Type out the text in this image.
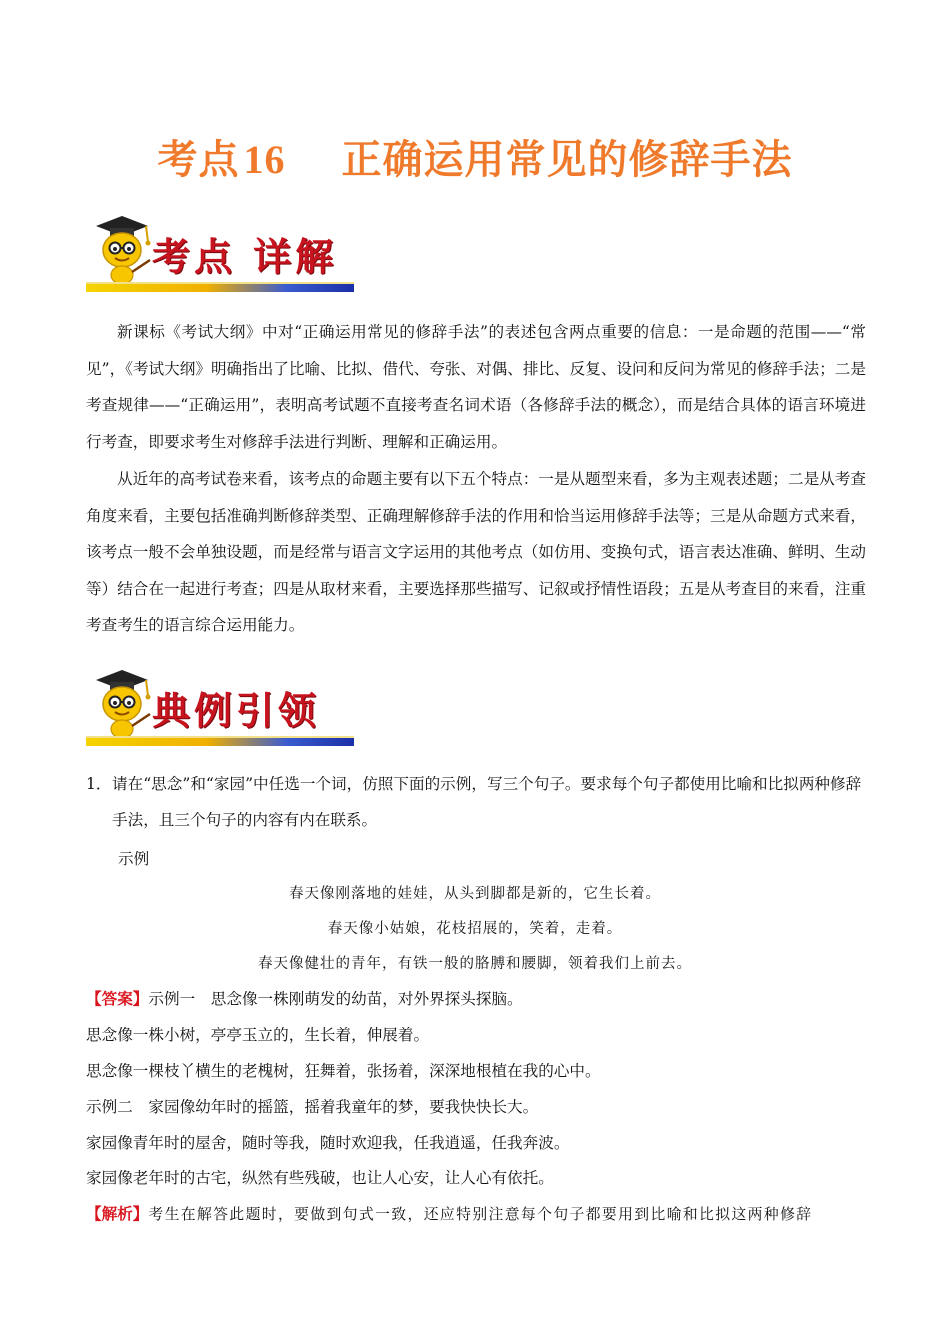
考点 16 正确运用常见的修辞手法
考点 详解
新课标《考试大纲》中对“正确运用常见的修辞手法”的表述包含两点重要的信息：一是命题的范围——“常见”，《考试大纲》明确指出了比喻、比拟、借代、夸张、对偶、排比、反复、设问和反问为常见的修辞手法；二是考查规律——“正确运用”，表明高考试题不直接考查名词术语（各修辞手法的概念），而是结合具体的语言环境进行考查，即要求考生对修辞手法进行判断、理解和正确运用。
从近年的高考试卷来看，该考点的命题主要有以下五个特点：一是从题型来看，多为主观表述题；二是从考查角度来看，主要包括准确判断修辞类型、正确理解修辞手法的作用和恰当运用修辞手法等；三是从命题方式来看，该考点一般不会单独设题，而是经常与语言文字运用的其他考点（如仿用、变换句式，语言表达准确、鲜明、生动等）结合在一起进行考查；四是从取材来看，主要选择那些描写、记叙或抒情性语段；五是从考查目的来看，注重考查考生的语言综合运用能力。
典例引领
1． 请在“思念”和“家园”中任选一个词，仿照下面的示例，写三个句子。要求每个句子都使用比喻和比拟两种修辞手法，且三个句子的内容有内在联系。
示例
春天像刚落地的娃娃，从头到脚都是新的，它生长着。
春天像小姑娘，花枝招展的，笑着，走着。
春天像健壮的青年，有铁一般的胳膊和腰脚，领着我们上前去。
【答案】示例一　思念像一株刚萌发的幼苗，对外界探头探脑。
思念像一株小树，亭亭玉立的，生长着，伸展着。
思念像一棵枝丫横生的老槐树，狂舞着，张扬着，深深地根植在我的心中。
示例二　家园像幼年时的摇篮，摇着我童年的梦，要我快快长大。
家园像青年时的屋舍，随时等我，随时欢迎我，任我逍遥，任我奔波。
家园像老年时的古宅，纵然有些残破，也让人心安，让人心有依托。
【解析】考生在解答此题时，要做到句式一致，还应特别注意每个句子都要用到比喻和比拟这两种修辞
